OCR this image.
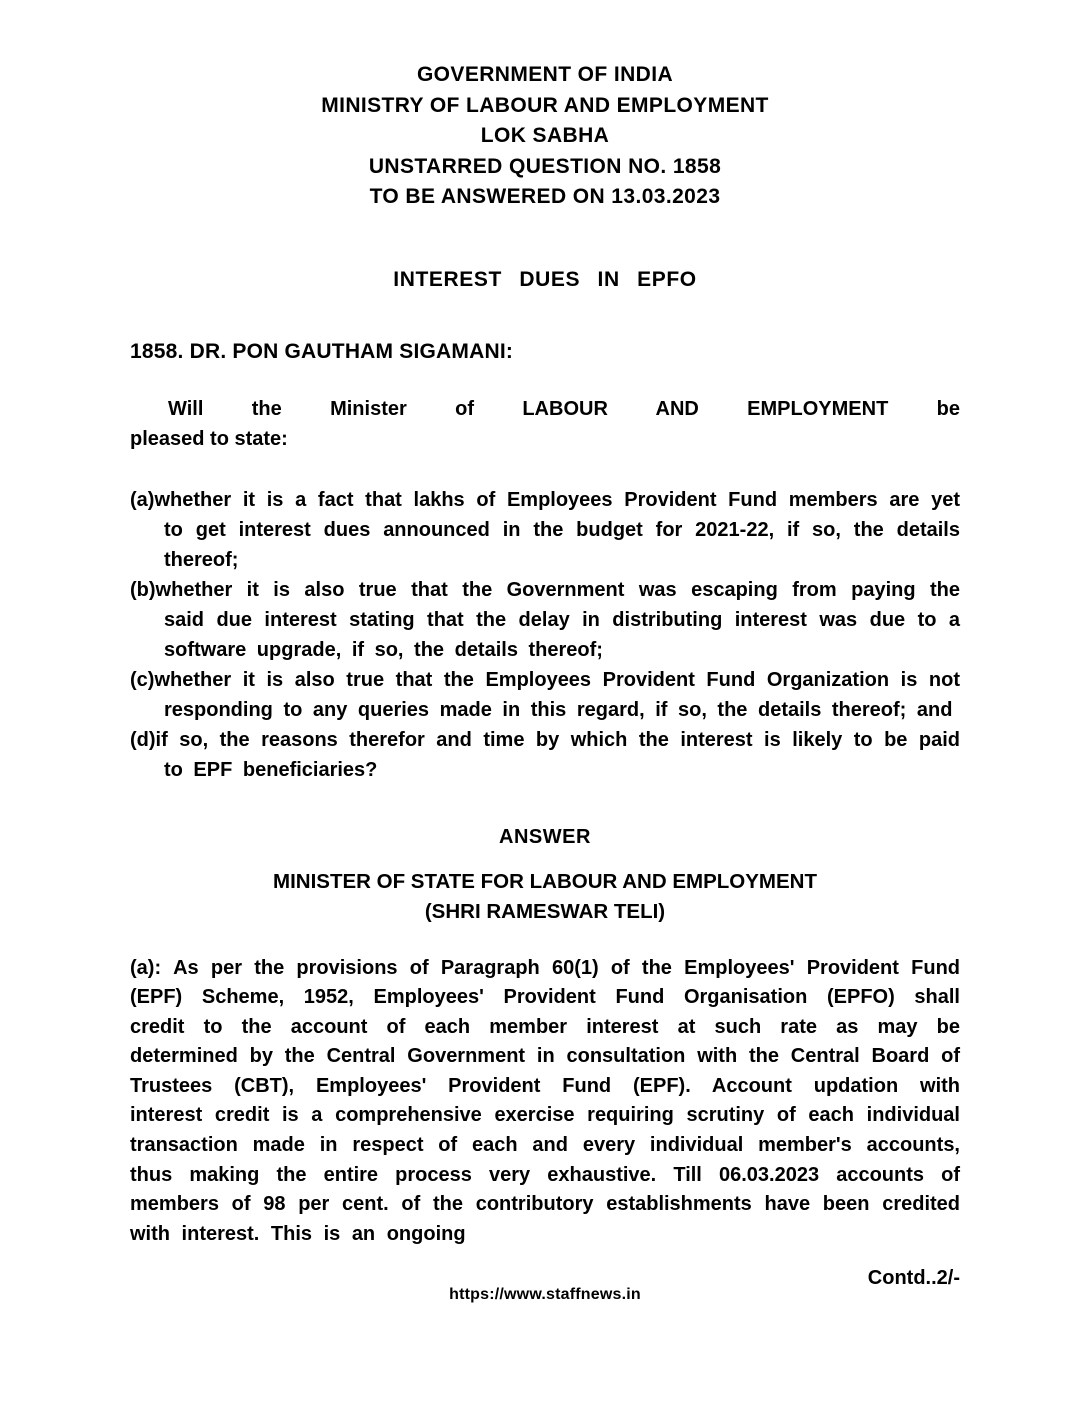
GOVERNMENT OF INDIA
MINISTRY OF LABOUR AND EMPLOYMENT
LOK SABHA
UNSTARRED QUESTION NO. 1858
TO BE ANSWERED ON 13.03.2023
INTEREST DUES IN EPFO
1858. DR. PON GAUTHAM SIGAMANI:
Will the Minister of LABOUR AND EMPLOYMENT be
pleased to state:
(a)whether it is a fact that lakhs of Employees Provident Fund members are yet to get interest dues announced in the budget for 2021-22, if so, the details thereof;
(b)whether it is also true that the Government was escaping from paying the said due interest stating that the delay in distributing interest was due to a software upgrade, if so, the details thereof;
(c)whether it is also true that the Employees Provident Fund Organization is not responding to any queries made in this regard, if so, the details thereof; and
(d)if so, the reasons therefor and time by which the interest is likely to be paid to EPF beneficiaries?
ANSWER
MINISTER OF STATE FOR LABOUR AND EMPLOYMENT
(SHRI RAMESWAR TELI)
(a): As per the provisions of Paragraph 60(1) of the Employees' Provident Fund (EPF) Scheme, 1952, Employees' Provident Fund Organisation (EPFO) shall credit to the account of each member interest at such rate as may be determined by the Central Government in consultation with the Central Board of Trustees (CBT), Employees' Provident Fund (EPF). Account updation with interest credit is a comprehensive exercise requiring scrutiny of each individual transaction made in respect of each and every individual member's accounts, thus making the entire process very exhaustive. Till 06.03.2023 accounts of members of 98 per cent. of the contributory establishments have been credited with interest. This is an ongoing
Contd..2/-
https://www.staffnews.in
